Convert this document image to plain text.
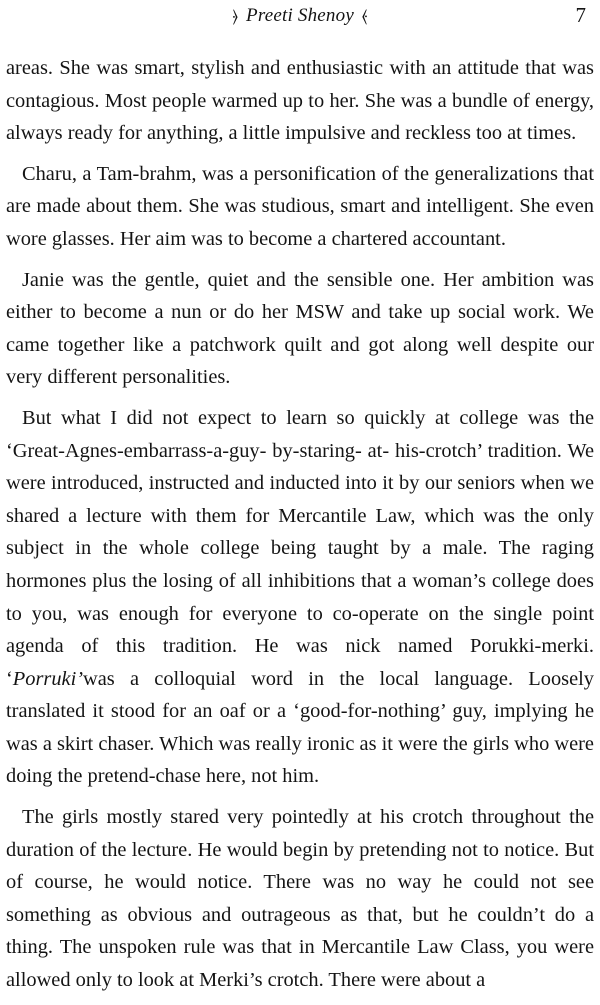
⦒ Preeti Shenoy ⦑	7

areas. She was smart, stylish and enthusiastic with an attitude that was contagious. Most people warmed up to her. She was a bundle of energy, always ready for anything, a little impulsive and reckless too at times.

Charu, a Tam-brahm, was a personification of the generalizations that are made about them. She was studious, smart and intelligent. She even wore glasses. Her aim was to become a chartered accountant.

Janie was the gentle, quiet and the sensible one. Her ambition was either to become a nun or do her MSW and take up social work. We came together like a patchwork quilt and got along well despite our very different personalities.

But what I did not expect to learn so quickly at college was the ‘Great-Agnes-embarrass-a-guy- by-staring- at- his-crotch’ tradition. We were introduced, instructed and inducted into it by our seniors when we shared a lecture with them for Mercantile Law, which was the only subject in the whole college being taught by a male. The raging hormones plus the losing of all inhibitions that a woman’s college does to you, was enough for everyone to co-operate on the single point agenda of this tradition. He was nick named Porukki-merki. ‘Porruki’was a colloquial word in the local language. Loosely translated it stood for an oaf or a ‘good-for-nothing’ guy, implying he was a skirt chaser. Which was really ironic as it were the girls who were doing the pretend-chase here, not him.

The girls mostly stared very pointedly at his crotch throughout the duration of the lecture. He would begin by pretending not to notice. But of course, he would notice. There was no way he could not see something as obvious and outrageous as that, but he couldn’t do a thing. The unspoken rule was that in Mercantile Law Class, you were allowed only to look at Merki’s crotch. There were about a
